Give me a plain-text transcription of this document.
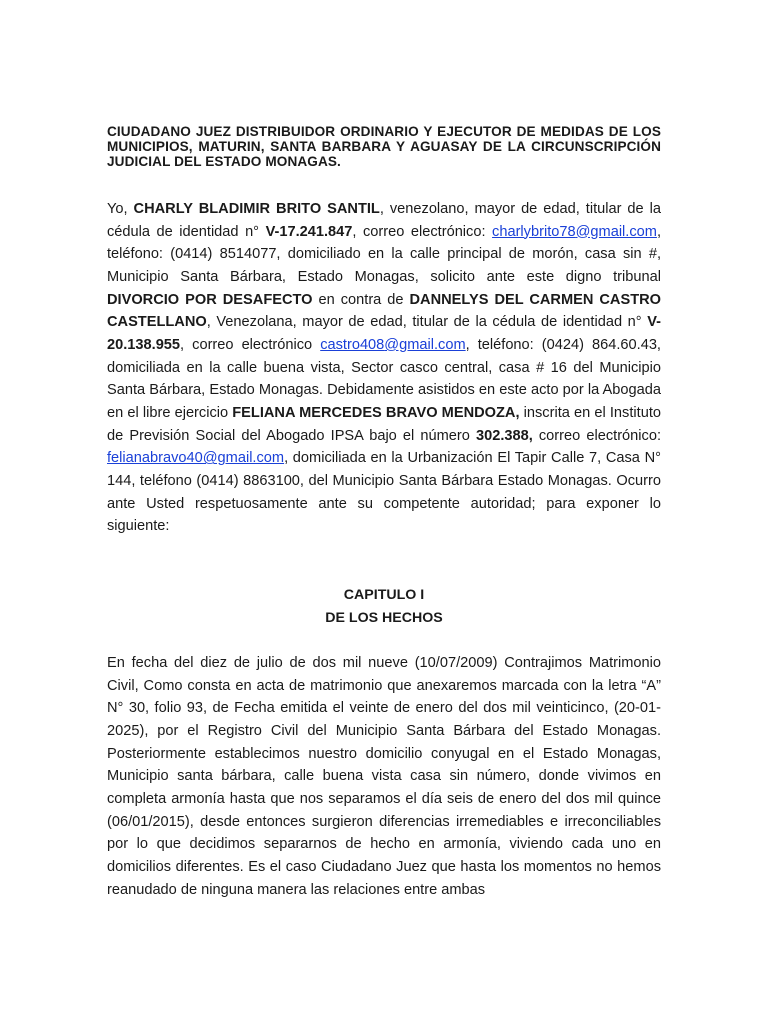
CIUDADANO JUEZ DISTRIBUIDOR ORDINARIO Y EJECUTOR DE MEDIDAS DE LOS MUNICIPIOS, MATURIN, SANTA BARBARA Y AGUASAY DE LA CIRCUNSCRIPCIÓN JUDICIAL DEL ESTADO MONAGAS.
Yo, CHARLY BLADIMIR BRITO SANTIL, venezolano, mayor de edad, titular de la cédula de identidad n° V-17.241.847, correo electrónico: charlybrito78@gmail.com, teléfono: (0414) 8514077, domiciliado en la calle principal de morón, casa sin #, Municipio Santa Bárbara, Estado Monagas, solicito ante este digno tribunal DIVORCIO POR DESAFECTO en contra de DANNELYS DEL CARMEN CASTRO CASTELLANO, Venezolana, mayor de edad, titular de la cédula de identidad n° V-20.138.955, correo electrónico castro408@gmail.com, teléfono: (0424) 864.60.43, domiciliada en la calle buena vista, Sector casco central, casa # 16 del Municipio Santa Bárbara, Estado Monagas. Debidamente asistidos en este acto por la Abogada en el libre ejercicio FELIANA MERCEDES BRAVO MENDOZA, inscrita en el Instituto de Previsión Social del Abogado IPSA bajo el número 302.388, correo electrónico: felianabravo40@gmail.com, domiciliada en la Urbanización El Tapir Calle 7, Casa N° 144, teléfono (0414) 8863100, del Municipio Santa Bárbara Estado Monagas. Ocurro ante Usted respetuosamente ante su competente autoridad; para exponer lo siguiente:
CAPITULO I
DE LOS HECHOS
En fecha del diez de julio de dos mil nueve (10/07/2009) Contrajimos Matrimonio Civil, Como consta en acta de matrimonio que anexaremos marcada con la letra “A” N° 30, folio 93, de Fecha emitida el veinte de enero del dos mil veinticinco, (20-01-2025), por el Registro Civil del Municipio Santa Bárbara del Estado Monagas. Posteriormente establecimos nuestro domicilio conyugal en el Estado Monagas, Municipio santa bárbara, calle buena vista casa sin número, donde vivimos en completa armonía hasta que nos separamos el día seis de enero del dos mil quince (06/01/2015), desde entonces surgieron diferencias irremediables e irreconciliables por lo que decidimos separarnos de hecho en armonía, viviendo cada uno en domicilios diferentes. Es el caso Ciudadano Juez que hasta los momentos no hemos reanudado de ninguna manera las relaciones entre ambas
